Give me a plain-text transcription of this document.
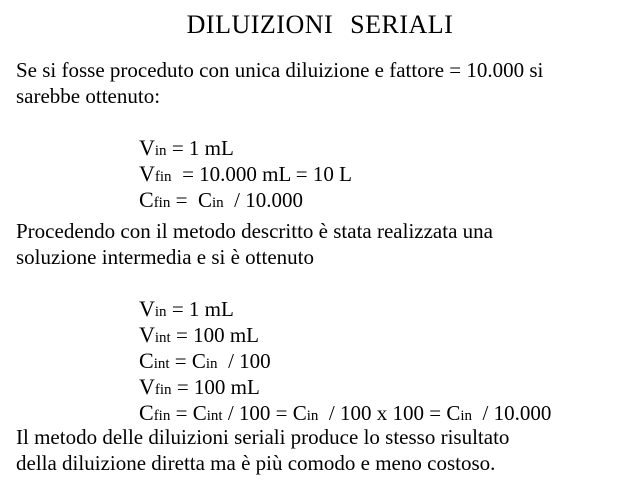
DILUIZIONI SERIALI
Se si fosse proceduto con unica diluizione e fattore = 10.000 si
sarebbe ottenuto:

Vin = 1 mL

Vfin  = 10.000 mL = 10 L

Cfin =  Cin  / 10.000

Procedendo con il metodo descritto è stata realizzata una
soluzione intermedia e si è ottenuto

Vin = 1 mL

Vint = 100 mL

Cint = Cin  / 100

Vfin = 100 mL

Cfin = Cint / 100 = Cin  / 100 x 100 = Cin  / 10.000

Il metodo delle diluizioni seriali produce lo stesso risultato
della diluizione diretta ma è più comodo e meno costoso.
